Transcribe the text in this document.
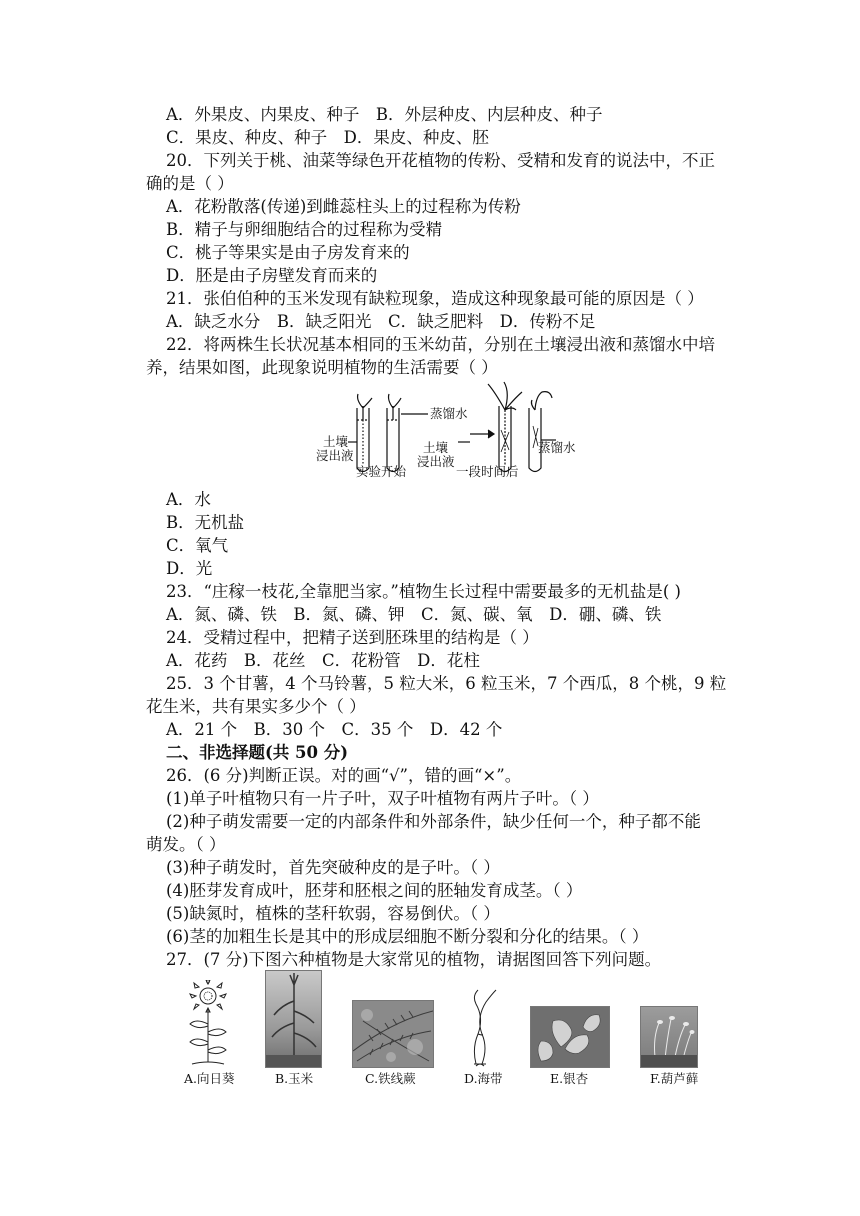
A．外果皮、内果皮、种子　B．外层种皮、内层种皮、种子
C．果皮、种皮、种子　D．果皮、种皮、胚
20．下列关于桃、油菜等绿色开花植物的传粉、受精和发育的说法中，不正
确的是（ ）
A．花粉散落(传递)到雌蕊柱头上的过程称为传粉
B．精子与卵细胞结合的过程称为受精
C．桃子等果实是由子房发育来的
D．胚是由子房壁发育而来的
21．张伯伯种的玉米发现有缺粒现象，造成这种现象最可能的原因是（ ）
A．缺乏水分　B．缺乏阳光　C．缺乏肥料　D．传粉不足
22．将两株生长状况基本相同的玉米幼苗，分别在土壤浸出液和蒸馏水中培
养，结果如图，此现象说明植物的生活需要（ ）
蒸馏水
土壤
浸出液
土壤
浸出液
蒸馏水
实验开始	一段时间后
A．水
B．无机盐
C．氧气
D．光
23．“庄稼一枝花,全靠肥当家。”植物生长过程中需要最多的无机盐是( )
A．氮、磷、铁　B．氮、磷、钾　C．氮、碳、氧　D．硼、磷、铁
24．受精过程中，把精子送到胚珠里的结构是（ ）
A．花药　B．花丝　C．花粉管　D．花柱
25．3 个甘薯，4 个马铃薯，5 粒大米，6 粒玉米，7 个西瓜，8 个桃，9 粒
花生米，共有果实多少个（ ）
A．21 个　B．30 个　C．35 个　D．42 个
二、非选择题(共 50 分)
26．(6 分)判断正误。对的画“√”，错的画“×”。
(1)单子叶植物只有一片子叶，双子叶植物有两片子叶。（ ）
(2)种子萌发需要一定的内部条件和外部条件，缺少任何一个，种子都不能
萌发。（ ）
(3)种子萌发时，首先突破种皮的是子叶。（ ）
(4)胚芽发育成叶，胚芽和胚根之间的胚轴发育成茎。（ ）
(5)缺氮时，植株的茎秆软弱，容易倒伏。（ ）
(6)茎的加粗生长是其中的形成层细胞不断分裂和分化的结果。（ ）
27．(7 分)下图六种植物是大家常见的植物，请据图回答下列问题。
A.向日葵	B.玉米	C.铁线蕨	D.海带	E.银杏	F.葫芦藓
